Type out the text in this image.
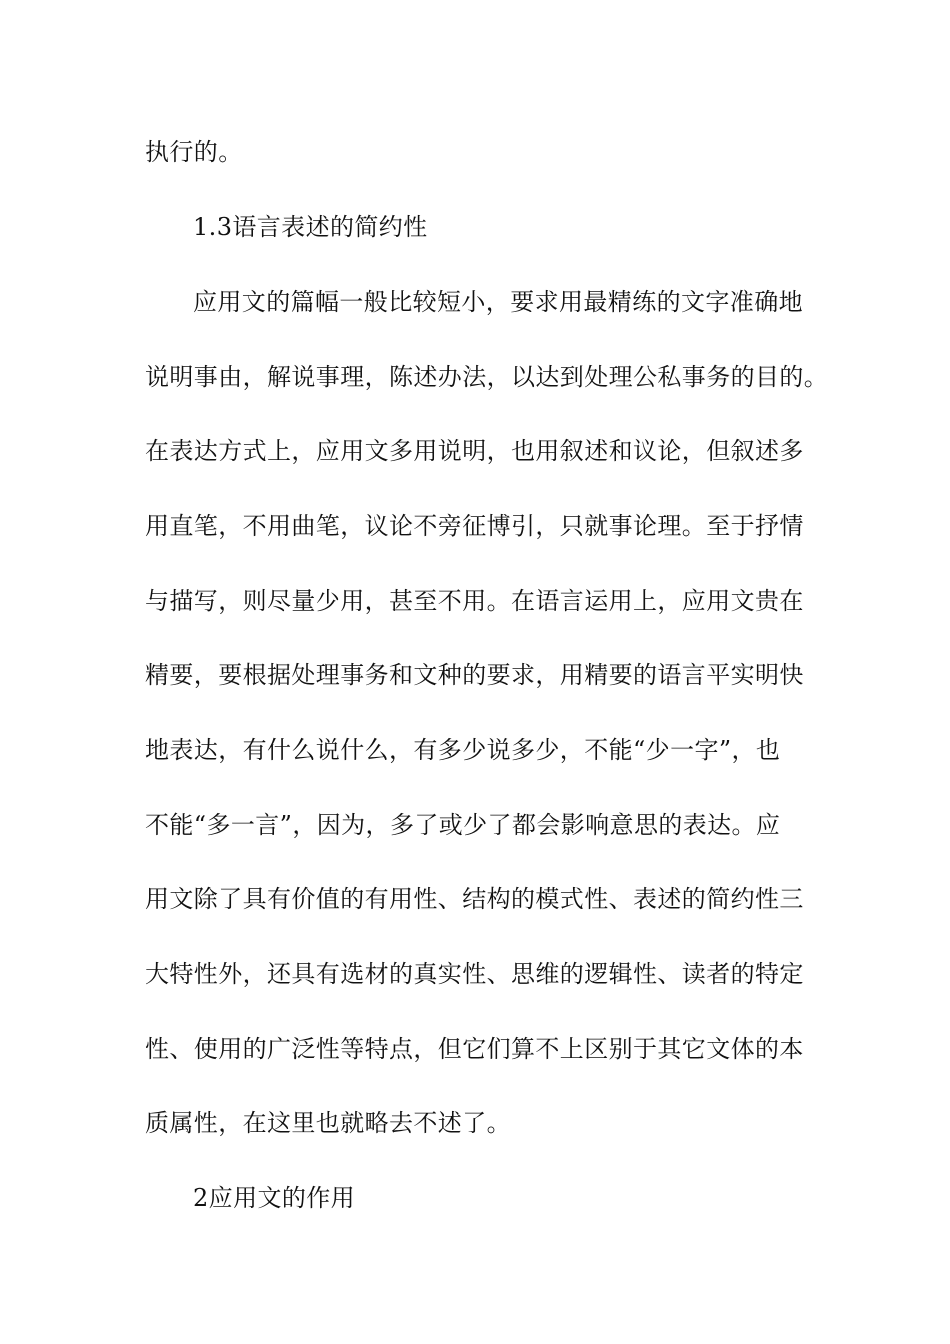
执行的。
1.3语言表述的简约性
应用文的篇幅一般比较短小，要求用最精练的文字准确地
说明事由，解说事理，陈述办法，以达到处理公私事务的目的。
在表达方式上，应用文多用说明，也用叙述和议论，但叙述多
用直笔，不用曲笔，议论不旁征博引，只就事论理。至于抒情
与描写，则尽量少用，甚至不用。在语言运用上，应用文贵在
精要，要根据处理事务和文种的要求，用精要的语言平实明快
地表达，有什么说什么，有多少说多少，不能“少一字”，也
不能“多一言”，因为，多了或少了都会影响意思的表达。应
用文除了具有价值的有用性、结构的模式性、表述的简约性三
大特性外，还具有选材的真实性、思维的逻辑性、读者的特定
性、使用的广泛性等特点，但它们算不上区别于其它文体的本
质属性，在这里也就略去不述了。
2应用文的作用
